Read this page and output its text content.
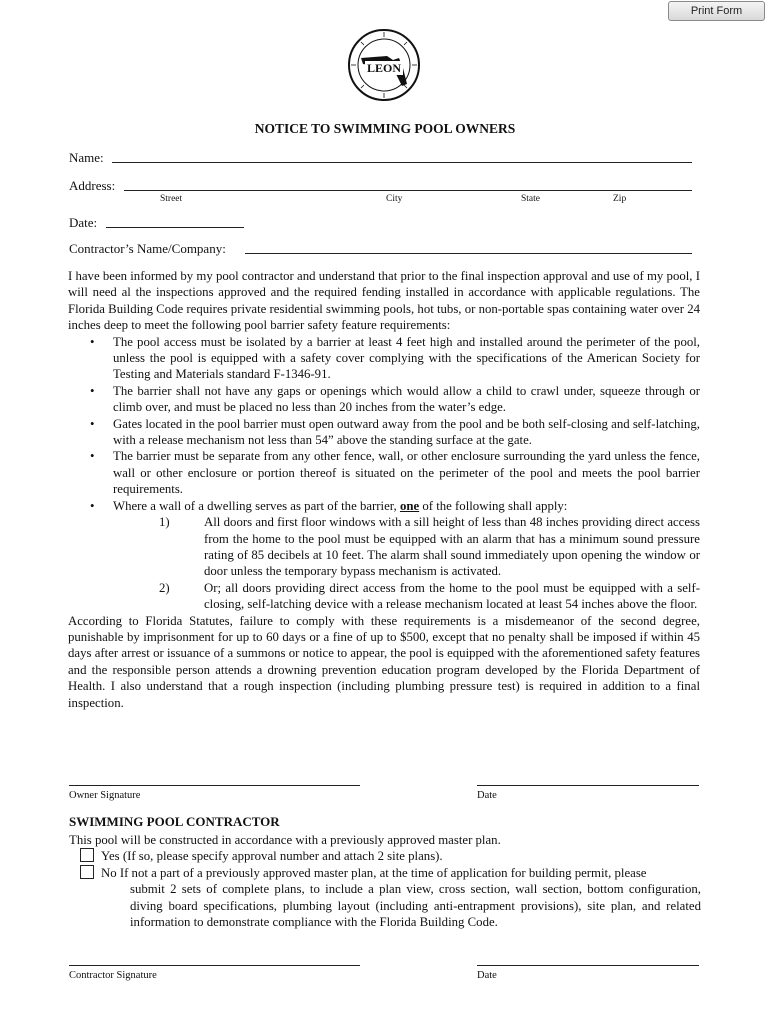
Print Form
LEON
NOTICE TO SWIMMING POOL OWNERS
Name:
Address:
Street	City	State	Zip
Date:
Contractor’s Name/Company:

I have been informed by my pool contractor and understand that prior to the final inspection approval and use of my pool, I will need al the inspections approved and the required fending installed in accordance with applicable regulations. The Florida Building Code requires private residential swimming pools, hot tubs, or non-portable spas containing water over 24 inches deep to meet the following pool barrier safety feature requirements:

• The pool access must be isolated by a barrier at least 4 feet high and installed around the perimeter of the pool, unless the pool is equipped with a safety cover complying with the specifications of the American Society for Testing and Materials standard F-1346-91.

• The barrier shall not have any gaps or openings which would allow a child to crawl under, squeeze through or climb over, and must be placed no less than 20 inches from the water’s edge.

• Gates located in the pool barrier must open outward away from the pool and be both self-closing and self-latching, with a release mechanism not less than 54” above the standing surface at the gate.

• The barrier must be separate from any other fence, wall, or other enclosure surrounding the yard unless the fence, wall or other enclosure or portion thereof is situated on the perimeter of the pool and meets the pool barrier requirements.

• Where a wall of a dwelling serves as part of the barrier, one of the following shall apply:

1)	All doors and first floor windows with a sill height of less than 48 inches providing direct access from the home to the pool must be equipped with an alarm that has a minimum sound pressure rating of 85 decibels at 10 feet. The alarm shall sound immediately upon opening the window or door unless the temporary bypass mechanism is activated.

2)	Or; all doors providing direct access from the home to the pool must be equipped with a self-closing, self-latching device with a release mechanism located at least 54 inches above the floor.

According to Florida Statutes, failure to comply with these requirements is a misdemeanor of the second degree, punishable by imprisonment for up to 60 days or a fine of up to $500, except that no penalty shall be imposed if within 45 days after arrest or issuance of a summons or notice to appear, the pool is equipped with the aforementioned safety features and the responsible person attends a drowning prevention education program developed by the Florida Department of Health. I also understand that a rough inspection (including plumbing pressure test) is required in addition to a final inspection.

Owner Signature	Date
SWIMMING POOL CONTRACTOR

This pool will be constructed in accordance with a previously approved master plan.

Yes (If so, please specify approval number and attach 2 site plans).

No If not a part of a previously approved master plan, at the time of application for building permit, please

submit 2 sets of complete plans, to include a plan view, cross section, wall section, bottom configuration, diving board specifications, plumbing layout (including anti-entrapment provisions), site plan, and related information to demonstrate compliance with the Florida Building Code.

Contractor Signature	Date
